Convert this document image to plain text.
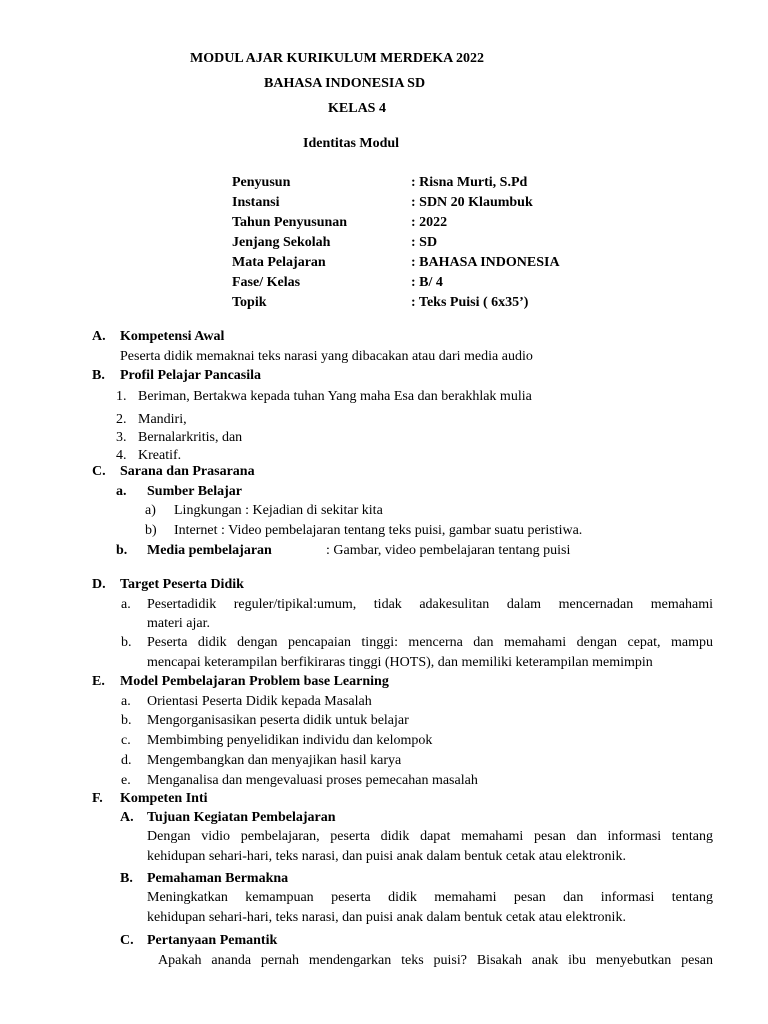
MODUL AJAR KURIKULUM MERDEKA 2022
BAHASA INDONESIA SD
KELAS 4
Identitas Modul
Penyusun	: Risna Murti, S.Pd
Instansi	: SDN 20 Klaumbuk
Tahun Penyusunan	: 2022
Jenjang Sekolah	: SD
Mata Pelajaran	: BAHASA INDONESIA
Fase/ Kelas	: B/ 4
Topik	: Teks Puisi ( 6x35’)
A. Kompetensi Awal
Peserta didik memaknai teks narasi yang dibacakan atau dari media audio
B. Profil Pelajar Pancasila
1. Beriman, Bertakwa kepada tuhan Yang maha Esa dan berakhlak mulia
2. Mandiri,
3. Bernalarkritis, dan
4. Kreatif.
C. Sarana dan Prasarana
a. Sumber Belajar
a) Lingkungan : Kejadian di sekitar kita
b) Internet : Video pembelajaran tentang teks puisi, gambar suatu peristiwa.
b. Media pembelajaran	: Gambar, video pembelajaran tentang puisi
D. Target Peserta Didik
a. Pesertadidik reguler/tipikal:umum, tidak adakesulitan dalam mencernadan memahami
materi ajar.
b. Peserta didik dengan pencapaian tinggi: mencerna dan memahami dengan cepat, mampu
mencapai keterampilan berfikiraras tinggi (HOTS), dan memiliki keterampilan memimpin
E. Model Pembelajaran Problem base Learning
a. Orientasi Peserta Didik kepada Masalah
b. Mengorganisasikan peserta didik untuk belajar
c. Membimbing penyelidikan individu dan kelompok
d. Mengembangkan dan menyajikan hasil karya
e. Menganalisa dan mengevaluasi proses pemecahan masalah
F. Kompeten Inti
A. Tujuan Kegiatan Pembelajaran
Dengan vidio pembelajaran, peserta didik dapat memahami pesan dan informasi tentang
kehidupan sehari-hari, teks narasi, dan puisi anak dalam bentuk cetak atau elektronik.
B. Pemahaman Bermakna
Meningkatkan kemampuan peserta didik memahami pesan dan informasi tentang
kehidupan sehari-hari, teks narasi, dan puisi anak dalam bentuk cetak atau elektronik.
C. Pertanyaan Pemantik
Apakah ananda pernah mendengarkan teks puisi? Bisakah anak ibu menyebutkan pesan
